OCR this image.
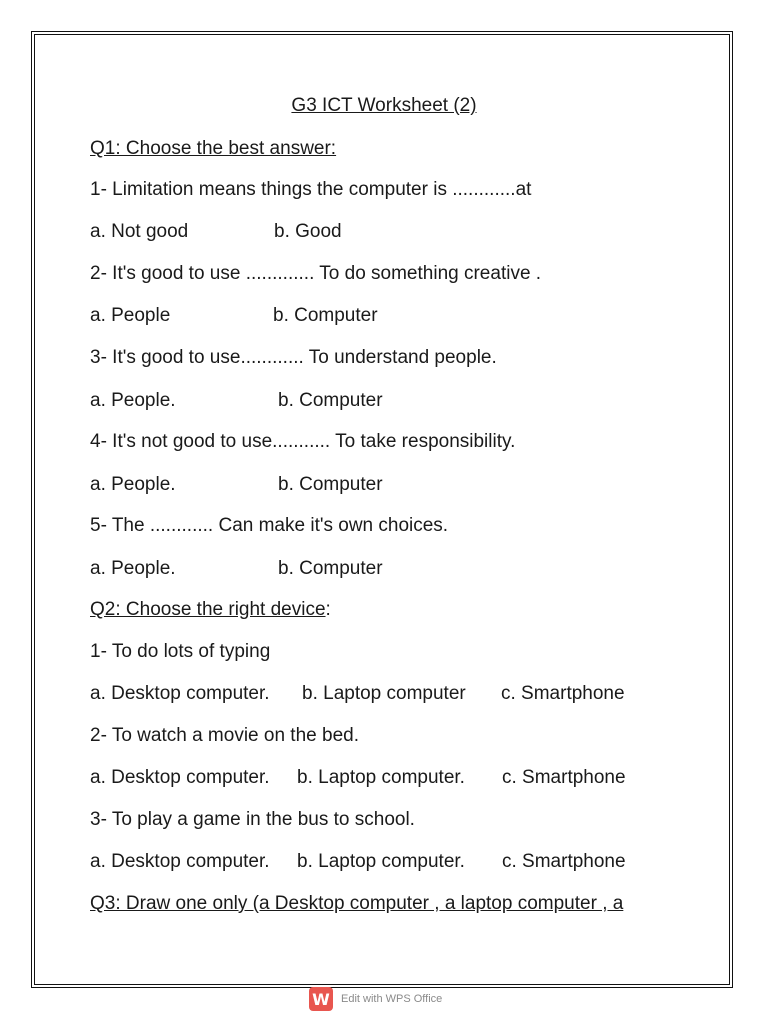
G3 ICT Worksheet (2)
Q1: Choose the best answer:
1- Limitation means things the computer is ............at
a. Not good	b. Good
2- It's good to use ............. To do something creative .
a. People	b. Computer
3- It's good to use............ To understand people.
a. People.	b. Computer
4- It's not good to use........... To take responsibility.
a. People.	b. Computer
5- The ............ Can make it's own choices.
a. People.	b. Computer
Q2: Choose the right device:
1- To do lots of typing
a. Desktop computer. b. Laptop computer c. Smartphone
2- To watch a movie on the bed.
a. Desktop computer. b. Laptop computer. c. Smartphone
3- To play a game in the bus to school.
a. Desktop computer. b. Laptop computer. c. Smartphone
Q3: Draw one only (a Desktop computer , a laptop computer , a
W Edit with WPS Office
